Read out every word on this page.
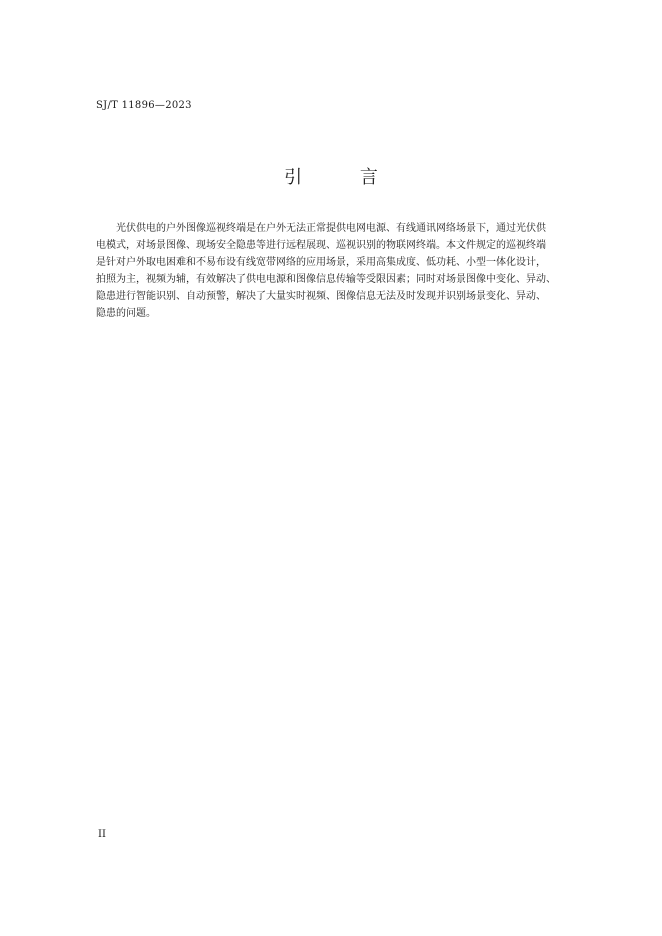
SJ/T 11896—2023
引 言

光伏供电的户外图像巡视终端是在户外无法正常提供电网电源、有线通讯网络场景下，通过光伏供
电模式，对场景图像、现场安全隐患等进行远程展现、巡视识别的物联网终端。本文件规定的巡视终端
是针对户外取电困难和不易布设有线宽带网络的应用场景，采用高集成度、低功耗、小型一体化设计，
拍照为主，视频为辅，有效解决了供电电源和图像信息传输等受限因素；同时对场景图像中变化、异动、
隐患进行智能识别、自动预警，解决了大量实时视频、图像信息无法及时发现并识别场景变化、异动、
隐患的问题。

II
